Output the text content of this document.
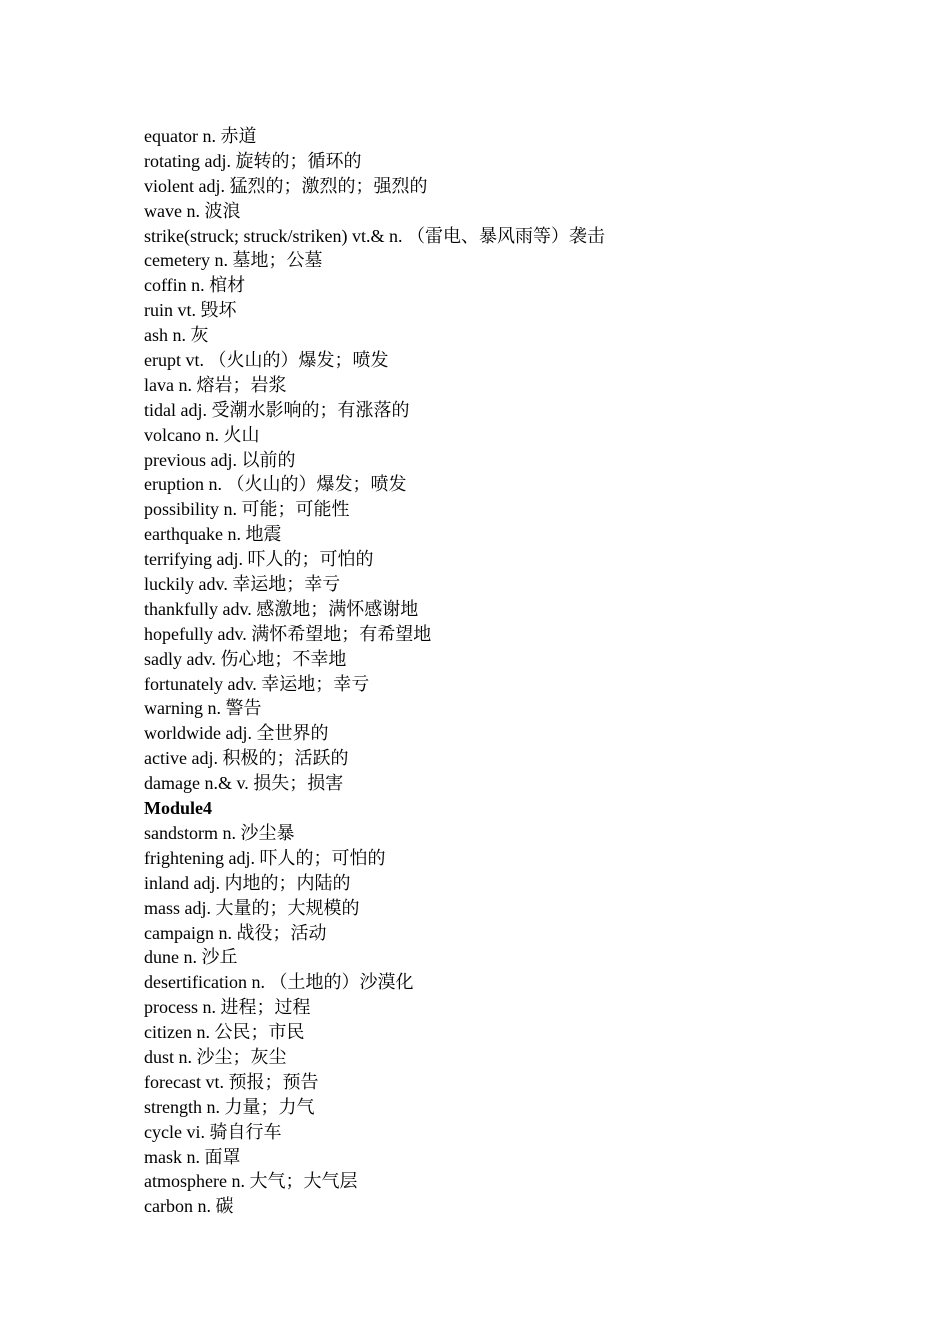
equator n. 赤道
rotating adj. 旋转的；循环的
violent adj. 猛烈的；激烈的；强烈的
wave n. 波浪
strike(struck; struck/striken) vt.& n. （雷电、暴风雨等）袭击
cemetery n. 墓地；公墓
coffin n. 棺材
ruin vt. 毁坏
ash n. 灰
erupt vt. （火山的）爆发；喷发
lava n. 熔岩；岩浆
tidal adj. 受潮水影响的；有涨落的
volcano n. 火山
previous adj. 以前的
eruption n. （火山的）爆发；喷发
possibility n. 可能；可能性
earthquake n. 地震
terrifying adj. 吓人的；可怕的
luckily adv. 幸运地；幸亏
thankfully adv. 感激地；满怀感谢地
hopefully adv. 满怀希望地；有希望地
sadly adv. 伤心地；不幸地
fortunately adv. 幸运地；幸亏
warning n. 警告
worldwide adj. 全世界的
active adj. 积极的；活跃的
damage n.& v. 损失；损害
Module4
sandstorm n. 沙尘暴
frightening adj. 吓人的；可怕的
inland adj. 内地的；内陆的
mass adj. 大量的；大规模的
campaign n. 战役；活动
dune n. 沙丘
desertification n. （土地的）沙漠化
process n. 进程；过程
citizen n. 公民；市民
dust n. 沙尘；灰尘
forecast vt. 预报；预告
strength n. 力量；力气
cycle vi. 骑自行车
mask n. 面罩
atmosphere n. 大气；大气层
carbon n. 碳
